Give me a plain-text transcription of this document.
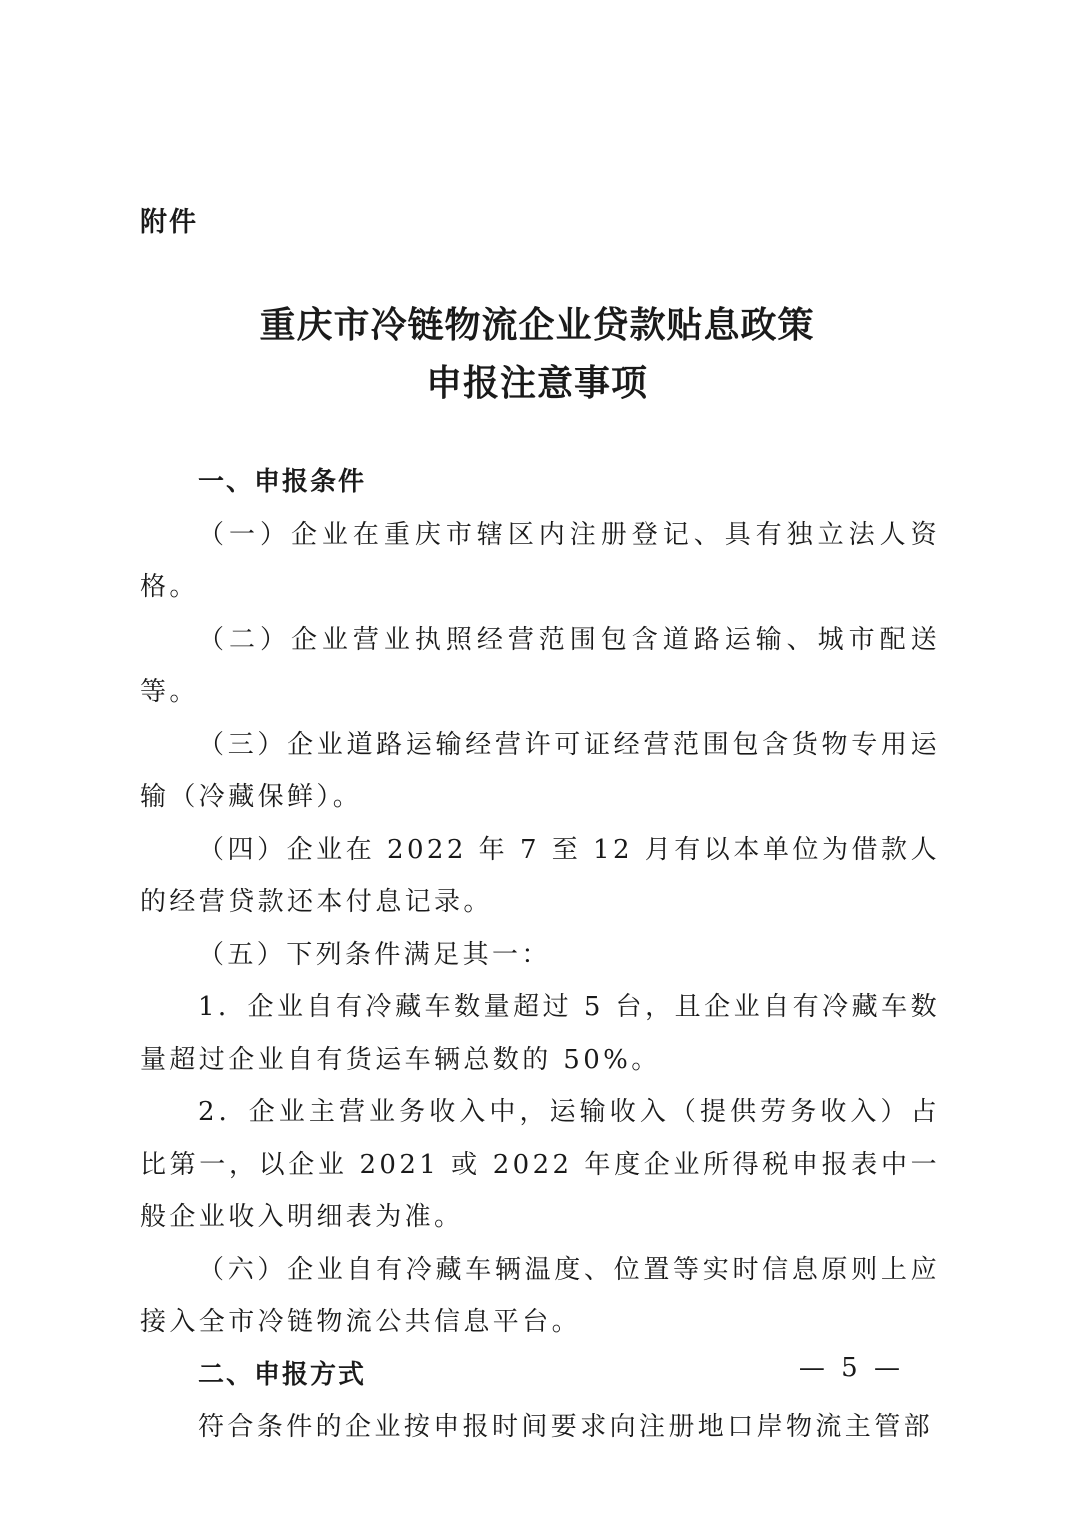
附件
重庆市冷链物流企业贷款贴息政策
申报注意事项

一、申报条件

（一）企业在重庆市辖区内注册登记、具有独立法人资格。

（二）企业营业执照经营范围包含道路运输、城市配送等。

（三）企业道路运输经营许可证经营范围包含货物专用运输（冷藏保鲜）。

（四）企业在 2022 年 7 至 12 月有以本单位为借款人的经营贷款还本付息记录。

（五）下列条件满足其一：

1．企业自有冷藏车数量超过 5 台，且企业自有冷藏车数量超过企业自有货运车辆总数的 50%。

2．企业主营业务收入中，运输收入（提供劳务收入）占比第一，以企业 2021 或 2022 年度企业所得税申报表中一般企业收入明细表为准。

（六）企业自有冷藏车辆温度、位置等实时信息原则上应接入全市冷链物流公共信息平台。

二、申报方式

符合条件的企业按申报时间要求向注册地口岸物流主管部

— 5 —
